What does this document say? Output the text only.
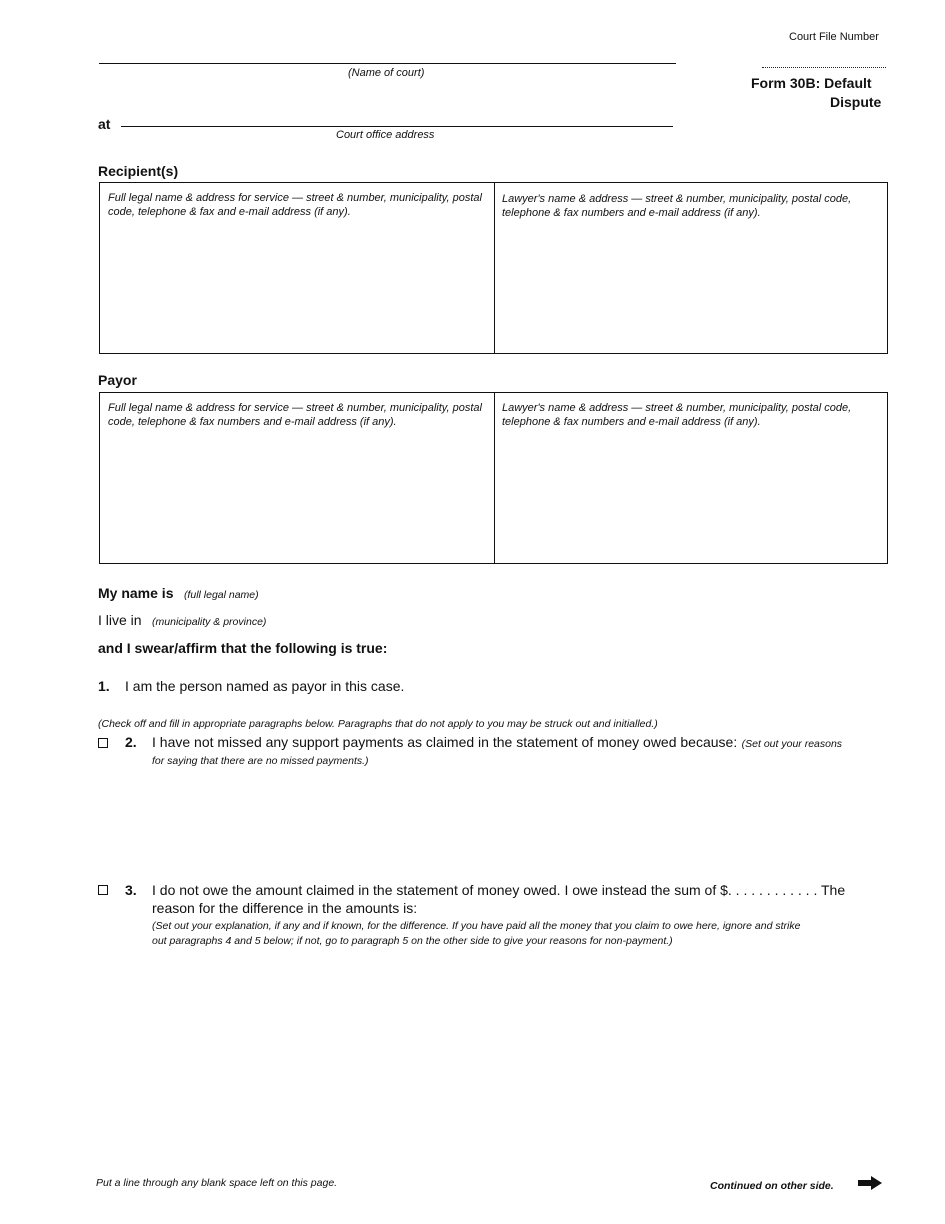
Court File Number
(Name of court)
at
Court office address
Form 30B: Default
Dispute
Recipient(s)
Full legal name & address for service — street & number, municipality, postal code, telephone & fax and e-mail address (if any).
Lawyer's name & address — street & number, municipality, postal code, telephone & fax numbers and e-mail address (if any).
Payor
Full legal name & address for service — street & number, municipality, postal code, telephone & fax numbers and e-mail address (if any).
Lawyer's name & address — street & number, municipality, postal code, telephone & fax numbers and e-mail address (if any).
My name is (full legal name)
I live in (municipality & province)
and I swear/affirm that the following is true:
1. I am the person named as payor in this case.
(Check off and fill in appropriate paragraphs below. Paragraphs that do not apply to you may be struck out and initialled.)
2. I have not missed any support payments as claimed in the statement of money owed because: (Set out your reasons
for saying that there are no missed payments.)
3. I do not owe the amount claimed in the statement of money owed. I owe instead the sum of $. . . . . . . . . . . . The
reason for the difference in the amounts is:
(Set out your explanation, if any and if known, for the difference. If you have paid all the money that you claim to owe here, ignore and strike
out paragraphs 4 and 5 below; if not, go to paragraph 5 on the other side to give your reasons for non-payment.)
Put a line through any blank space left on this page.	Continued on other side.
